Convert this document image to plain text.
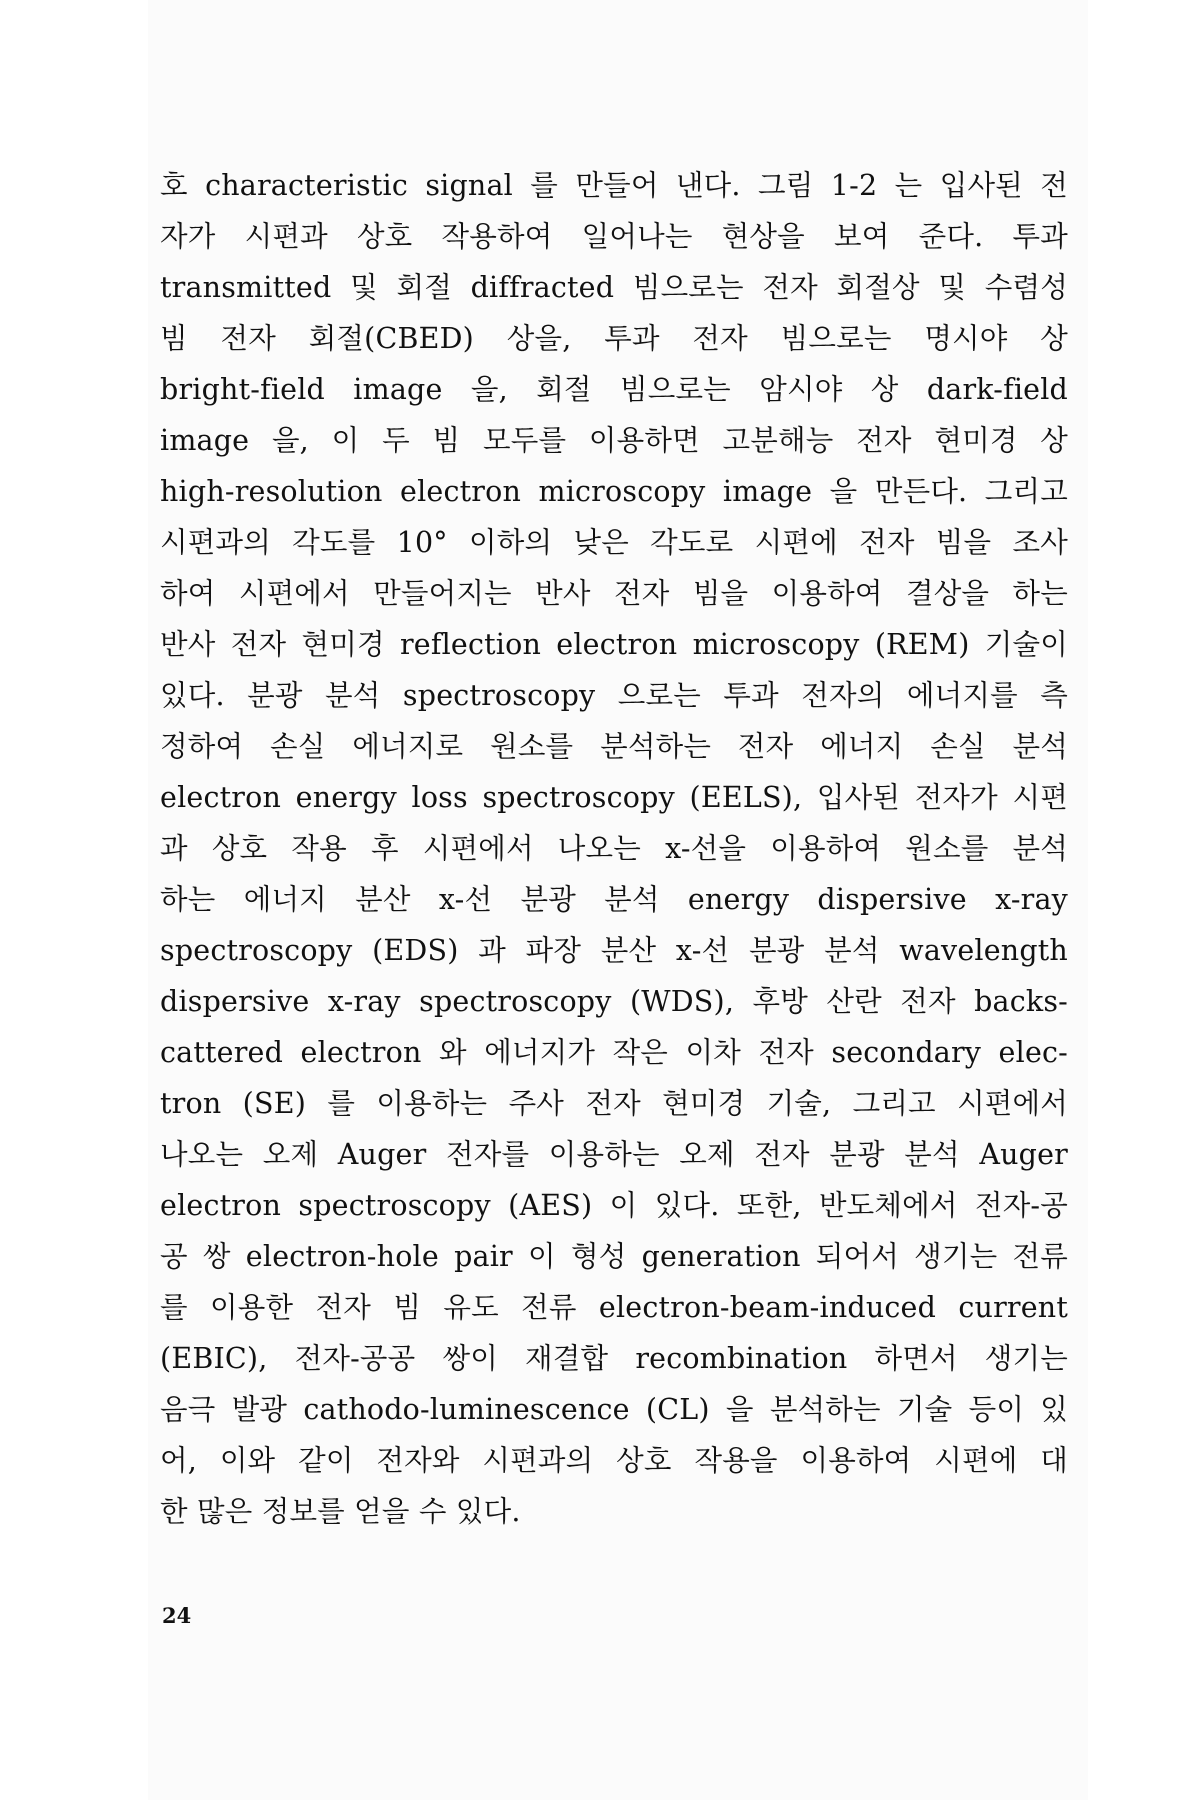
호 characteristic signal 를 만들어 낸다. 그림 1-2 는 입사된 전
자가 시편과 상호 작용하여 일어나는 현상을 보여 준다. 투과
transmitted 및 회절 diffracted 빔으로는 전자 회절상 및 수렴성
빔 전자 회절(CBED) 상을, 투과 전자 빔으로는 명시야 상
bright-field image 을, 회절 빔으로는 암시야 상 dark-field
image 을, 이 두 빔 모두를 이용하면 고분해능 전자 현미경 상
high-resolution electron microscopy image 을 만든다. 그리고
시편과의 각도를 10° 이하의 낮은 각도로 시편에 전자 빔을 조사
하여 시편에서 만들어지는 반사 전자 빔을 이용하여 결상을 하는
반사 전자 현미경 reflection electron microscopy (REM) 기술이
있다. 분광 분석 spectroscopy 으로는 투과 전자의 에너지를 측
정하여 손실 에너지로 원소를 분석하는 전자 에너지 손실 분석
electron energy loss spectroscopy (EELS), 입사된 전자가 시편
과 상호 작용 후 시편에서 나오는 x-선을 이용하여 원소를 분석
하는 에너지 분산 x-선 분광 분석 energy dispersive x-ray
spectroscopy (EDS) 과 파장 분산 x-선 분광 분석 wavelength
dispersive x-ray spectroscopy (WDS), 후방 산란 전자 backs-
cattered electron 와 에너지가 작은 이차 전자 secondary elec-
tron (SE) 를 이용하는 주사 전자 현미경 기술, 그리고 시편에서
나오는 오제 Auger 전자를 이용하는 오제 전자 분광 분석 Auger
electron spectroscopy (AES) 이 있다. 또한, 반도체에서 전자-공
공 쌍 electron-hole pair 이 형성 generation 되어서 생기는 전류
를 이용한 전자 빔 유도 전류 electron-beam-induced current
(EBIC), 전자-공공 쌍이 재결합 recombination 하면서 생기는
음극 발광 cathodo-luminescence (CL) 을 분석하는 기술 등이 있
어, 이와 같이 전자와 시편과의 상호 작용을 이용하여 시편에 대
한 많은 정보를 얻을 수 있다.
24
